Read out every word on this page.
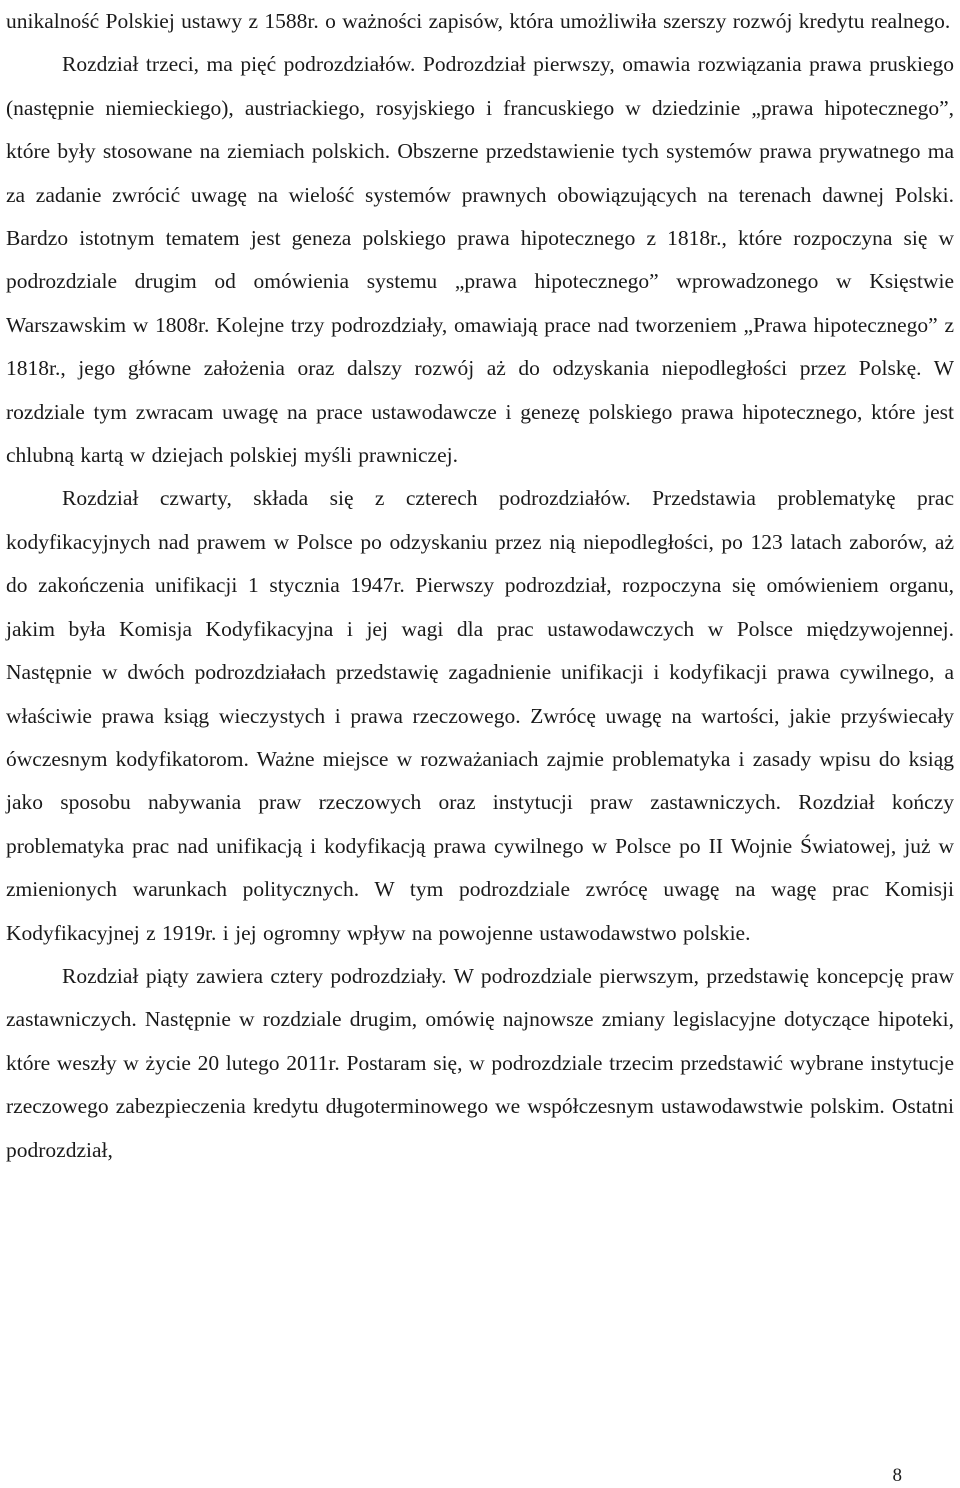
unikalność Polskiej ustawy z 1588r. o ważności zapisów, która umożliwiła szerszy rozwój kredytu realnego.

Rozdział trzeci, ma pięć podrozdziałów. Podrozdział pierwszy, omawia rozwiązania prawa pruskiego (następnie niemieckiego), austriackiego, rosyjskiego i francuskiego w dziedzinie „prawa hipotecznego”, które były stosowane na ziemiach polskich. Obszerne przedstawienie tych systemów prawa prywatnego ma za zadanie zwrócić uwagę na wielość systemów prawnych obowiązujących na terenach dawnej Polski. Bardzo istotnym tematem jest geneza polskiego prawa hipotecznego z 1818r., które rozpoczyna się w podrozdziale drugim od omówienia systemu „prawa hipotecznego” wprowadzonego w Księstwie Warszawskim w 1808r. Kolejne trzy podrozdziały, omawiają prace nad tworzeniem „Prawa hipotecznego” z 1818r., jego główne założenia oraz dalszy rozwój aż do odzyskania niepodległości przez Polskę. W rozdziale tym zwracam uwagę na prace ustawodawcze i genezę polskiego prawa hipotecznego, które jest chlubną kartą w dziejach polskiej myśli prawniczej.

Rozdział czwarty, składa się z czterech podrozdziałów. Przedstawia problematykę prac kodyfikacyjnych nad prawem w Polsce po odzyskaniu przez nią niepodległości, po 123 latach zaborów, aż do zakończenia unifikacji 1 stycznia 1947r. Pierwszy podrozdział, rozpoczyna się omówieniem organu, jakim była Komisja Kodyfikacyjna i jej wagi dla prac ustawodawczych w Polsce międzywojennej. Następnie w dwóch podrozdziałach przedstawię zagadnienie unifikacji i kodyfikacji prawa cywilnego, a właściwie prawa ksiąg wieczystych i prawa rzeczowego. Zwrócę uwagę na wartości, jakie przyświecały ówczesnym kodyfikatorom. Ważne miejsce w rozważaniach zajmie problematyka i zasady wpisu do ksiąg jako sposobu nabywania praw rzeczowych oraz instytucji praw zastawniczych. Rozdział kończy problematyka prac nad unifikacją i kodyfikacją prawa cywilnego w Polsce po II Wojnie Światowej, już w zmienionych warunkach politycznych. W tym podrozdziale zwrócę uwagę na wagę prac Komisji Kodyfikacyjnej z 1919r. i jej ogromny wpływ na powojenne ustawodawstwo polskie.

Rozdział piąty zawiera cztery podrozdziały. W podrozdziale pierwszym, przedstawię koncepcję praw zastawniczych. Następnie w rozdziale drugim, omówię najnowsze zmiany legislacyjne dotyczące hipoteki, które weszły w życie 20 lutego 2011r. Postaram się, w podrozdziale trzecim przedstawić wybrane instytucje rzeczowego zabezpieczenia kredytu długoterminowego we współczesnym ustawodawstwie polskim. Ostatni podrozdział,

8
